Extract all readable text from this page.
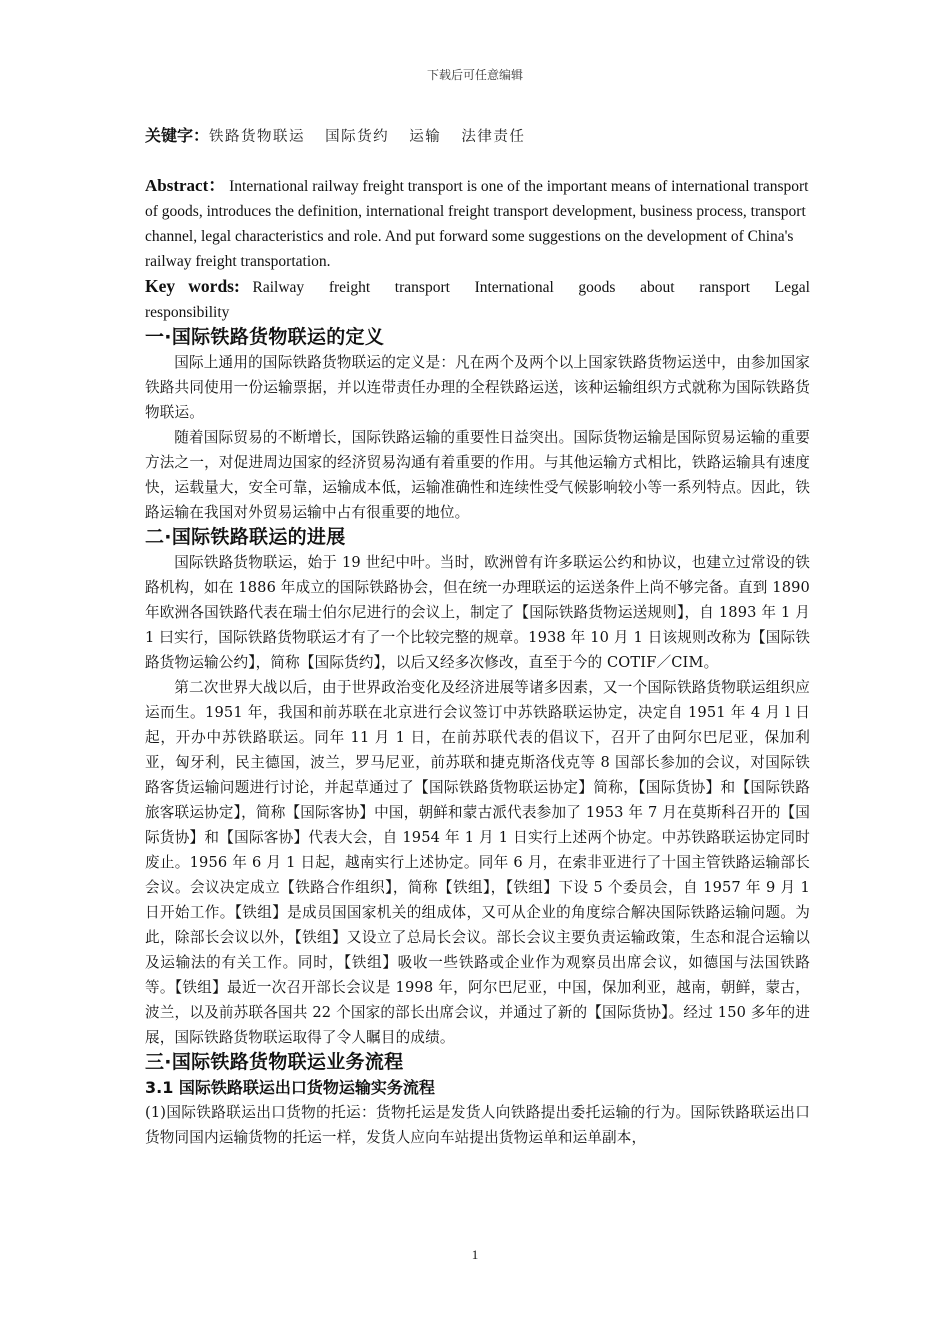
下载后可任意编辑

关键字：铁路货物联运 国际货约 运输 法律责任

Abstract： International railway freight transport is one of the important means of international transport of goods, introduces the definition, international freight transport development, business process, transport channel, legal characteristics and role. And put forward some suggestions on the development of China's railway freight transportation.

Key words: Railway freight transport International goods about ransport Legal responsibility

一·国际铁路货物联运的定义

国际上通用的国际铁路货物联运的定义是：凡在两个及两个以上国家铁路货物运送中，由参加国家铁路共同使用一份运输票据，并以连带责任办理的全程铁路运送，该种运输组织方式就称为国际铁路货物联运。

随着国际贸易的不断增长，国际铁路运输的重要性日益突出。国际货物运输是国际贸易运输的重要方法之一，对促进周边国家的经济贸易沟通有着重要的作用。与其他运输方式相比，铁路运输具有速度快，运载量大，安全可靠，运输成本低，运输准确性和连续性受气候影响较小等一系列特点。因此，铁路运输在我国对外贸易运输中占有很重要的地位。

二·国际铁路联运的进展

国际铁路货物联运，始于 19 世纪中叶。当时，欧洲曾有许多联运公约和协议，也建立过常设的铁路机构，如在 1886 年成立的国际铁路协会，但在统一办理联运的运送条件上尚不够完备。直到 1890 年欧洲各国铁路代表在瑞士伯尔尼进行的会议上，制定了【国际铁路货物运送规则】，自 1893 年 1 月 1 曰实行，国际铁路货物联运才有了一个比较完整的规章。1938 年 10 月 1 日该规则改称为【国际铁路货物运输公约】，简称【国际货约】，以后又经多次修改，直至于今的 COTIF／CIM。

第二次世界大战以后，由于世界政治变化及经济进展等诸多因素，又一个国际铁路货物联运组织应运而生。1951 年，我国和前苏联在北京进行会议签订中苏铁路联运协定，决定自 1951 年 4 月 l 日起，开办中苏铁路联运。同年 11 月 1 日，在前苏联代表的倡议下，召开了由阿尔巴尼亚，保加利亚，匈牙利，民主德国，波兰，罗马尼亚，前苏联和捷克斯洛伐克等 8 国部长参加的会议，对国际铁路客货运输问题进行讨论，并起草通过了【国际铁路货物联运协定】简称，【国际货协】和【国际铁路旅客联运协定】，简称【国际客协】中国，朝鲜和蒙古派代表参加了 1953 年 7 月在莫斯科召开的【国际货协】和【国际客协】代表大会，自 1954 年 1 月 1 日实行上述两个协定。中苏铁路联运协定同时废止。1956 年 6 月 1 日起，越南实行上述协定。同年 6 月，在索非亚进行了十国主管铁路运输部长会议。会议决定成立【铁路合作组织】，简称【铁组】，【铁组】下设 5 个委员会，自 1957 年 9 月 1 日开始工作。【铁组】是成员国国家机关的组成体，又可从企业的角度综合解决国际铁路运输问题。为此，除部长会议以外，【铁组】又设立了总局长会议。部长会议主要负责运输政策，生态和混合运输以及运输法的有关工作。同时，【铁组】吸收一些铁路或企业作为观察员出席会议，如德国与法国铁路等。【铁组】最近一次召开部长会议是 1998 年，阿尔巴尼亚，中国，保加利亚，越南，朝鲜，蒙古，波兰，以及前苏联各国共 22 个国家的部长出席会议，并通过了新的【国际货协】。经过 150 多年的进展，国际铁路货物联运取得了令人瞩目的成绩。

三·国际铁路货物联运业务流程
3.1 国际铁路联运出口货物运输实务流程

(1)国际铁路联运出口货物的托运：货物托运是发货人向铁路提出委托运输的行为。国际铁路联运出口货物同国内运输货物的托运一样，发货人应向车站提出货物运单和运单副本，

1
